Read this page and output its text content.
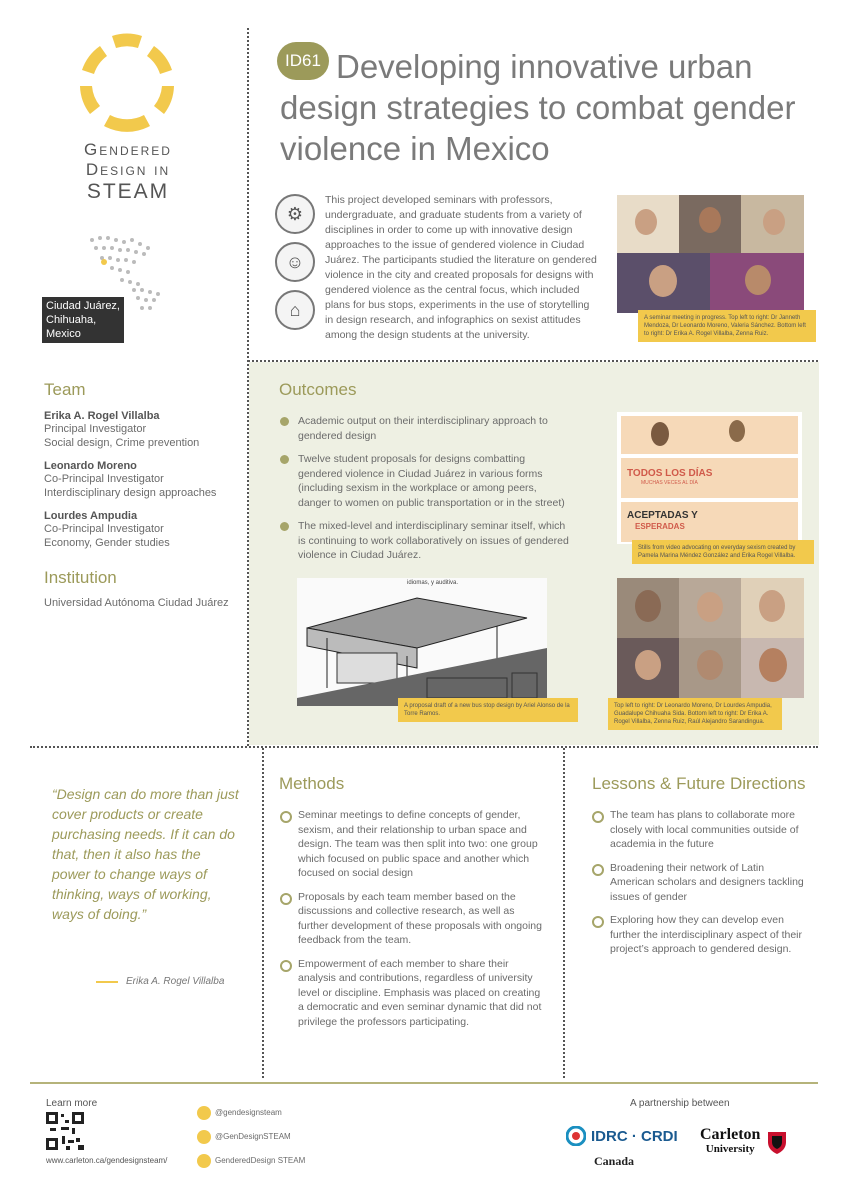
Gendered
Design in
STEAM
Ciudad Juárez,
Chihuaha,
Mexico
Team
Erika A. Rogel Villalba
Principal Investigator
Social design, Crime prevention
Leonardo Moreno
Co-Principal Investigator
Interdisciplinary design approaches
Lourdes Ampudia
Co-Principal Investigator
Economy, Gender studies
Institution
Universidad Autónoma Ciudad Juárez
ID61 Developing innovative urban design strategies to combat gender violence in Mexico
⚙
☺
⌂
This project developed seminars with professors, undergraduate, and graduate students from a variety of disciplines in order to come up with innovative design approaches to the issue of gendered violence in Ciudad Juárez. The participants studied the literature on gendered violence in the city and created proposals for designs with gendered violence as the central focus, which included plans for bus stops, experiments in the use of storytelling in design research, and infographics on sexist attitudes among the design students at the university.
A seminar meeting in progress. Top left to right: Dr Janneth Mendoza, Dr Leonardo Moreno, Valeria Sánchez. Bottom left to right: Dr Erika A. Rogel Villalba, Zenna Ruiz.
Outcomes
Academic output on their interdisciplinary approach to gendered design
Twelve student proposals for designs combatting gendered violence in Ciudad Juárez in various forms (including sexism in the workplace or among peers, danger to women on public transportation or in the street)
The mixed-level and interdisciplinary seminar itself, which is continuing to work collaboratively on issues of gendered violence in Ciudad Juárez.
TODOS LOS DÍAS
MUCHAS VECES AL DÍA
ACEPTADAS Y
ESPERADAS
Stills from video advocating on everyday sexism created by Pamela Marina Méndez González and Erika Rogel Villalba.
idiomas, y auditiva.
A proposal draft of a new bus stop design by Ariel Alonso de la Torre Ramos.
Top left to right: Dr Leonardo Moreno, Dr Lourdes Ampudia, Guadalupe Chihuaha Sida. Bottom left to right: Dr Erika A. Rogel Villalba, Zenna Ruiz, Raúl Alejandro Sarandingua.
“Design can do more than just cover products or create purchasing needs. If it can do that, then it also has the power to change ways of thinking, ways of working, ways of doing.”
Erika A. Rogel Villalba
Methods
Seminar meetings to define concepts of gender, sexism, and their relationship to urban space and design. The team was then split into two: one group which focused on public space and another which focused on social design
Proposals by each team member based on the discussions and collective research, as well as further development of these proposals with ongoing feedback from the team.
Empowerment of each member to share their analysis and contributions, regardless of university level or discipline. Emphasis was placed on creating a democratic and even seminar dynamic that did not privilege the professors participating.
Lessons & Future Directions
The team has plans to collaborate more closely with local communities outside of academia in the future
Broadening their network of Latin American scholars and designers tackling issues of gender
Exploring how they can develop even further the interdisciplinary aspect of their project’s approach to gendered design.
Learn more
www.carleton.ca/gendesignsteam/
@gendesignsteam
@GenDesignSTEAM
GenderedDesign STEAM
A partnership between
IDRC · CRDI
Canada
Carleton
University
